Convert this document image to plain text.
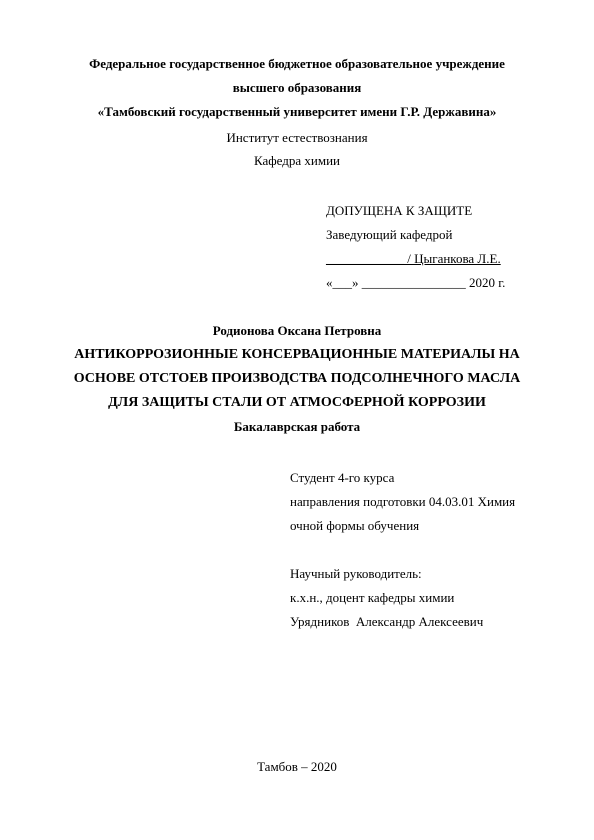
Федеральное государственное бюджетное образовательное учреждение
высшего образования
«Тамбовский государственный университет имени Г.Р. Державина»
Институт естествознания
Кафедра химии
ДОПУЩЕНА К ЗАЩИТЕ
Заведующий кафедрой
____________ / Цыганкова Л.Е.
«___» ________________ 2020 г.
Родионова Оксана Петровна
АНТИКОРРОЗИОННЫЕ КОНСЕРВАЦИОННЫЕ МАТЕРИАЛЫ НА
ОСНОВЕ ОТСТОЕВ ПРОИЗВОДСТВА ПОДСОЛНЕЧНОГО МАСЛА
ДЛЯ ЗАЩИТЫ СТАЛИ ОТ АТМОСФЕРНОЙ КОРРОЗИИ
Бакалаврская работа
Студент 4-го курса
направления подготовки 04.03.01 Химия
очной формы обучения
Научный руководитель:
к.х.н., доцент кафедры химии
Урядников  Александр Алексеевич
Тамбов – 2020
